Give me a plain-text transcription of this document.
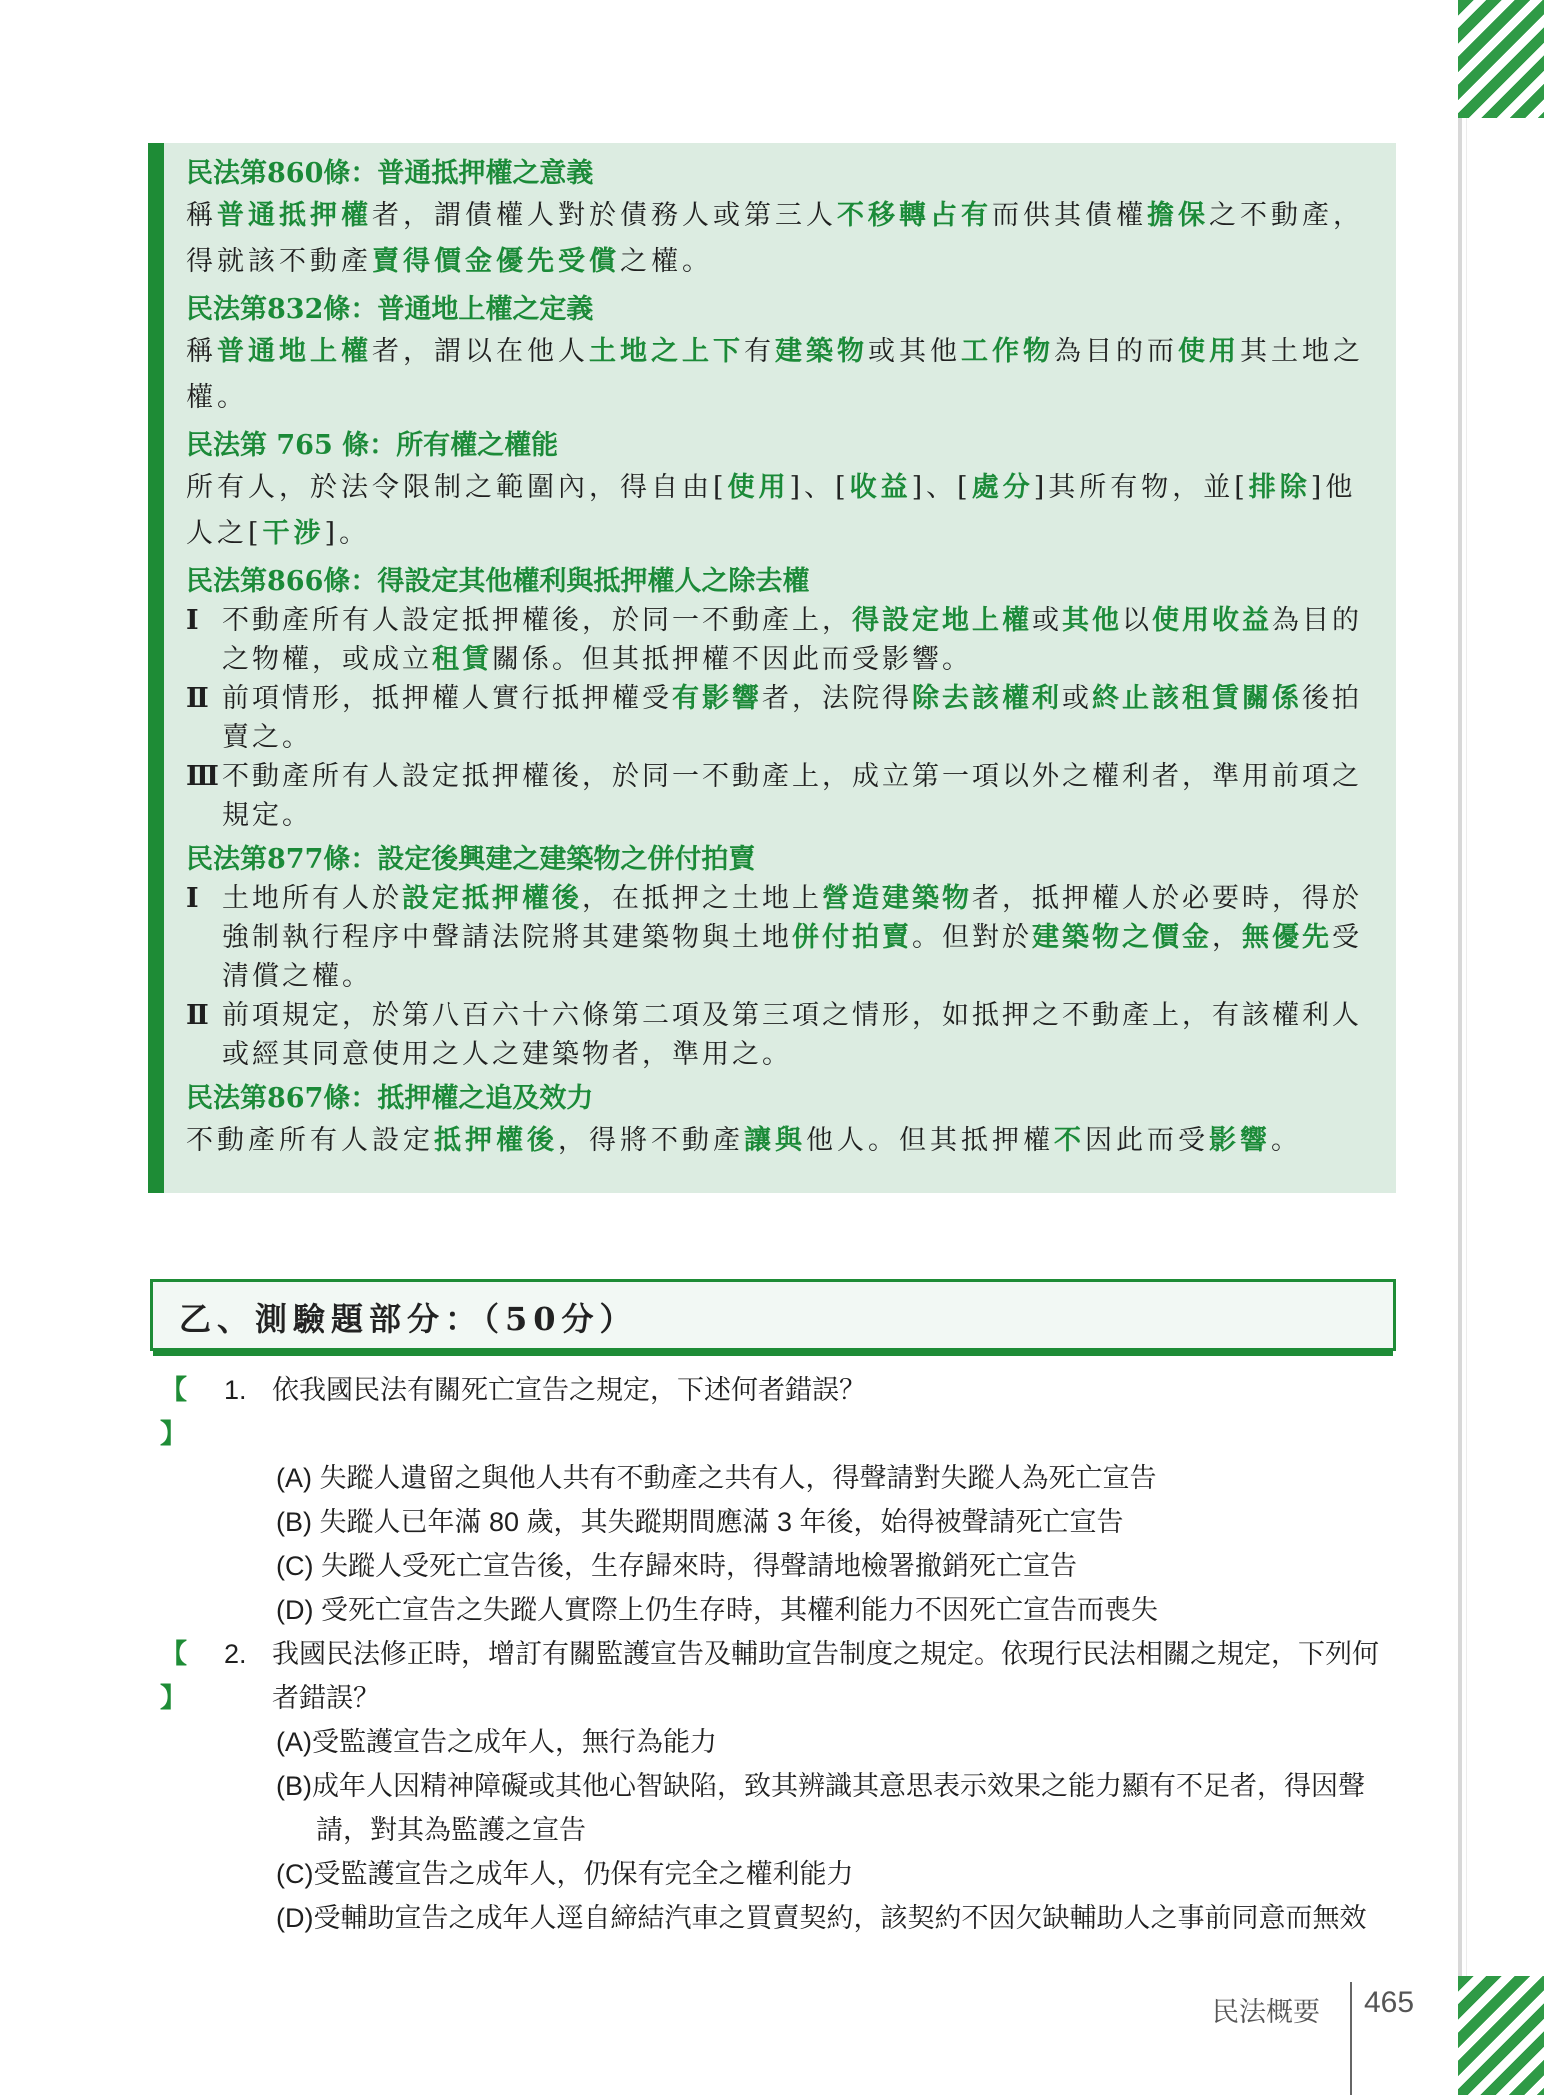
民法第860條：普通抵押權之意義
稱普通抵押權者，謂債權人對於債務人或第三人不移轉占有而供其債權擔保之不動產，得就該不動產賣得價金優先受償之權。
民法第832條：普通地上權之定義
稱普通地上權者，謂以在他人土地之上下有建築物或其他工作物為目的而使用其土地之權。
民法第 765 條：所有權之權能
所有人，於法令限制之範圍內，得自由[使用]、[收益]、[處分]其所有物，並[排除]他人之[干涉]。
民法第866條：得設定其他權利與抵押權人之除去權
Ⅰ 不動產所有人設定抵押權後，於同一不動產上，得設定地上權或其他以使用收益為目的之物權，或成立租賃關係。但其抵押權不因此而受影響。
Ⅱ 前項情形，抵押權人實行抵押權受有影響者，法院得除去該權利或終止該租賃關係後拍賣之。
Ⅲ 不動產所有人設定抵押權後，於同一不動產上，成立第一項以外之權利者，準用前項之規定。
民法第877條：設定後興建之建築物之併付拍賣
Ⅰ 土地所有人於設定抵押權後，在抵押之土地上營造建築物者，抵押權人於必要時，得於強制執行程序中聲請法院將其建築物與土地併付拍賣。但對於建築物之價金，無優先受清償之權。
Ⅱ 前項規定，於第八百六十六條第二項及第三項之情形，如抵押之不動產上，有該權利人或經其同意使用之人之建築物者，準用之。
民法第867條：抵押權之追及效力
不動產所有人設定抵押權後，得將不動產讓與他人。但其抵押權不因此而受影響。
乙、測驗題部分：（50分）
【 】
1. 依我國民法有關死亡宣告之規定，下述何者錯誤？
(A) 失蹤人遺留之與他人共有不動產之共有人，得聲請對失蹤人為死亡宣告
(B) 失蹤人已年滿 80 歲，其失蹤期間應滿 3 年後，始得被聲請死亡宣告
(C) 失蹤人受死亡宣告後，生存歸來時，得聲請地檢署撤銷死亡宣告
(D) 受死亡宣告之失蹤人實際上仍生存時，其權利能力不因死亡宣告而喪失
【 】
2. 我國民法修正時，增訂有關監護宣告及輔助宣告制度之規定。依現行民法相關之規定，下列何者錯誤？
(A)受監護宣告之成年人，無行為能力
(B)成年人因精神障礙或其他心智缺陷，致其辨識其意思表示效果之能力顯有不足者，得因聲請，對其為監護之宣告
(C)受監護宣告之成年人，仍保有完全之權利能力
(D)受輔助宣告之成年人逕自締結汽車之買賣契約，該契約不因欠缺輔助人之事前同意而無效
民法概要 465
